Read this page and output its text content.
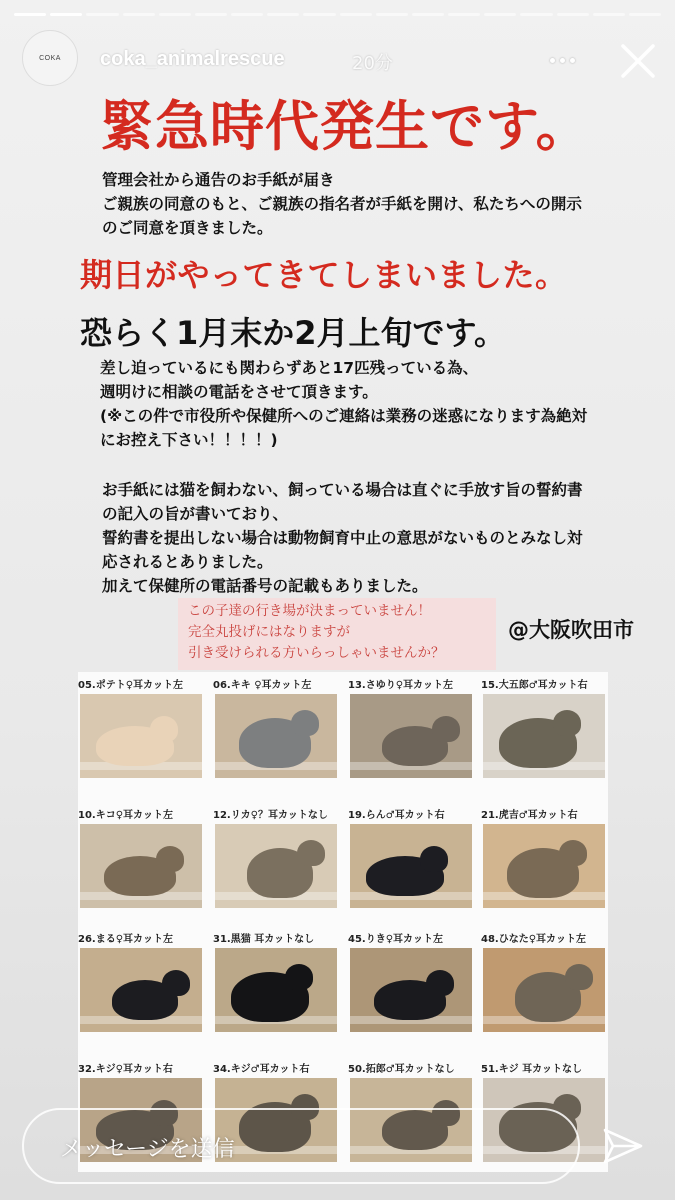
COKA coka_animalrescue	20分
緊急時代発生です。
管理会社から通告のお手紙が届き
ご親族の同意のもと、ご親族の指名者が手紙を開け、私たちへの開示のご同意を頂きました。
期日がやってきてしまいました。
恐らく1月末か2月上旬です。
差し迫っているにも関わらずあと17匹残っている為、
週明けに相談の電話をさせて頂きます。
(※この件で市役所や保健所へのご連絡は業務の迷惑になります為絶対にお控え下さい！！！！)
お手紙には猫を飼わない、飼っている場合は直ぐに手放す旨の誓約書の記入の旨が書いており、
誓約書を提出しない場合は動物飼育中止の意思がないものとみなし対応されるとありました。
加えて保健所の電話番号の記載もありました。
この子達の行き場が決まっていません！
完全丸投げにはなりますが
引き受けられる方いらっしゃいませんか？
@大阪吹田市
05.ポテト♀耳カット左	06.キキ ♀耳カット左	13.さゆり♀耳カット左	15.大五郎♂耳カット右
10.キコ♀耳カット左	12.リカ♀？耳カットなし 19.らん♂耳カット右	21.虎吉♂耳カット右
26.まる♀耳カット左	31.黒猫 耳カットなし	45.りき♀耳カット左	48.ひなた♀耳カット左
32.キジ♀耳カット右	34.キジ♂耳カット右	50.拓郎♂耳カットなし	51.キジ 耳カットなし
メッセージを送信
